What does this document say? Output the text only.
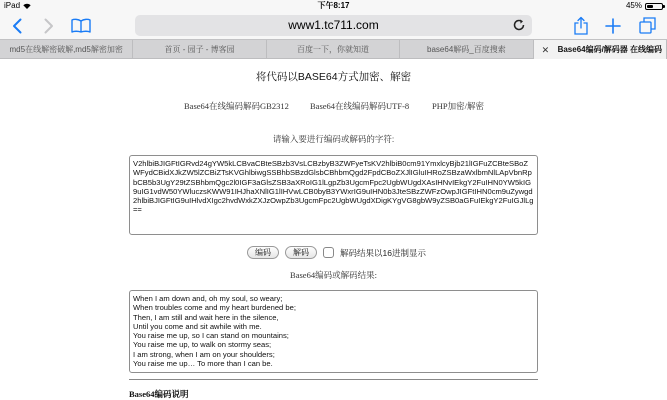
iPad	下午8:17	45%
www1.tc711.com
md5在线解密破解,md5解密加密	首页 - 园子 - 博客园	百度一下，你就知道	base64解码_百度搜索	✕ Base64编码/解码器 在线编码
将代码以BASE64方式加密、解密
Base64在线编码解码GB2312 Base64在线编码解码UTF-8	PHP加密/解密
请输入要进行编码或解码的字符:
V2hlbiBJIGFtIGRvd24gYW5kLCBvaCBteSBzb3VsLCBzbyB3ZWFyeTsKV2hlbiB0cm91YmxlcyBjb21lIGFuZCBteSBoZWFydCBidXJkZW5lZCBiZTsKVGhlbiwgSSBhbSBzdGlsbCBhbmQgd2FpdCBoZXJlIGluIHRoZSBzaWxlbmNlLApVbnRpbCB5b3UgY29tZSBhbmQgc2l0IGF3aGlsZSB3aXRoIG1lLgpZb3UgcmFpc2UgbWUgdXAsIHNvIEkgY2FuIHN0YW5kIG9uIG1vdW50YWluczsKWW91IHJhaXNlIG1lIHVwLCB0byB3YWxrIG9uIHN0b3JteSBzZWFzOwpJIGFtIHN0cm9uZywgd2hlbiBJIGFtIG9uIHlvdXIgc2hvdWxkZXJzOwpZb3UgcmFpc2UgbWUgdXDigKYgVG8gbW9yZSB0aGFuIEkgY2FuIGJlLg==
编码	解码	解码结果以16进制显示
Base64编码或解码结果:
When I am down and, oh my soul, so weary;
When troubles come and my heart burdened be;
Then, I am still and wait here in the silence,
Until you come and sit awhile with me.
You raise me up, so I can stand on mountains;
You raise me up, to walk on stormy seas;
I am strong, when I am on your shoulders;
You raise me up… To more than I can be.
Base64编码说明
